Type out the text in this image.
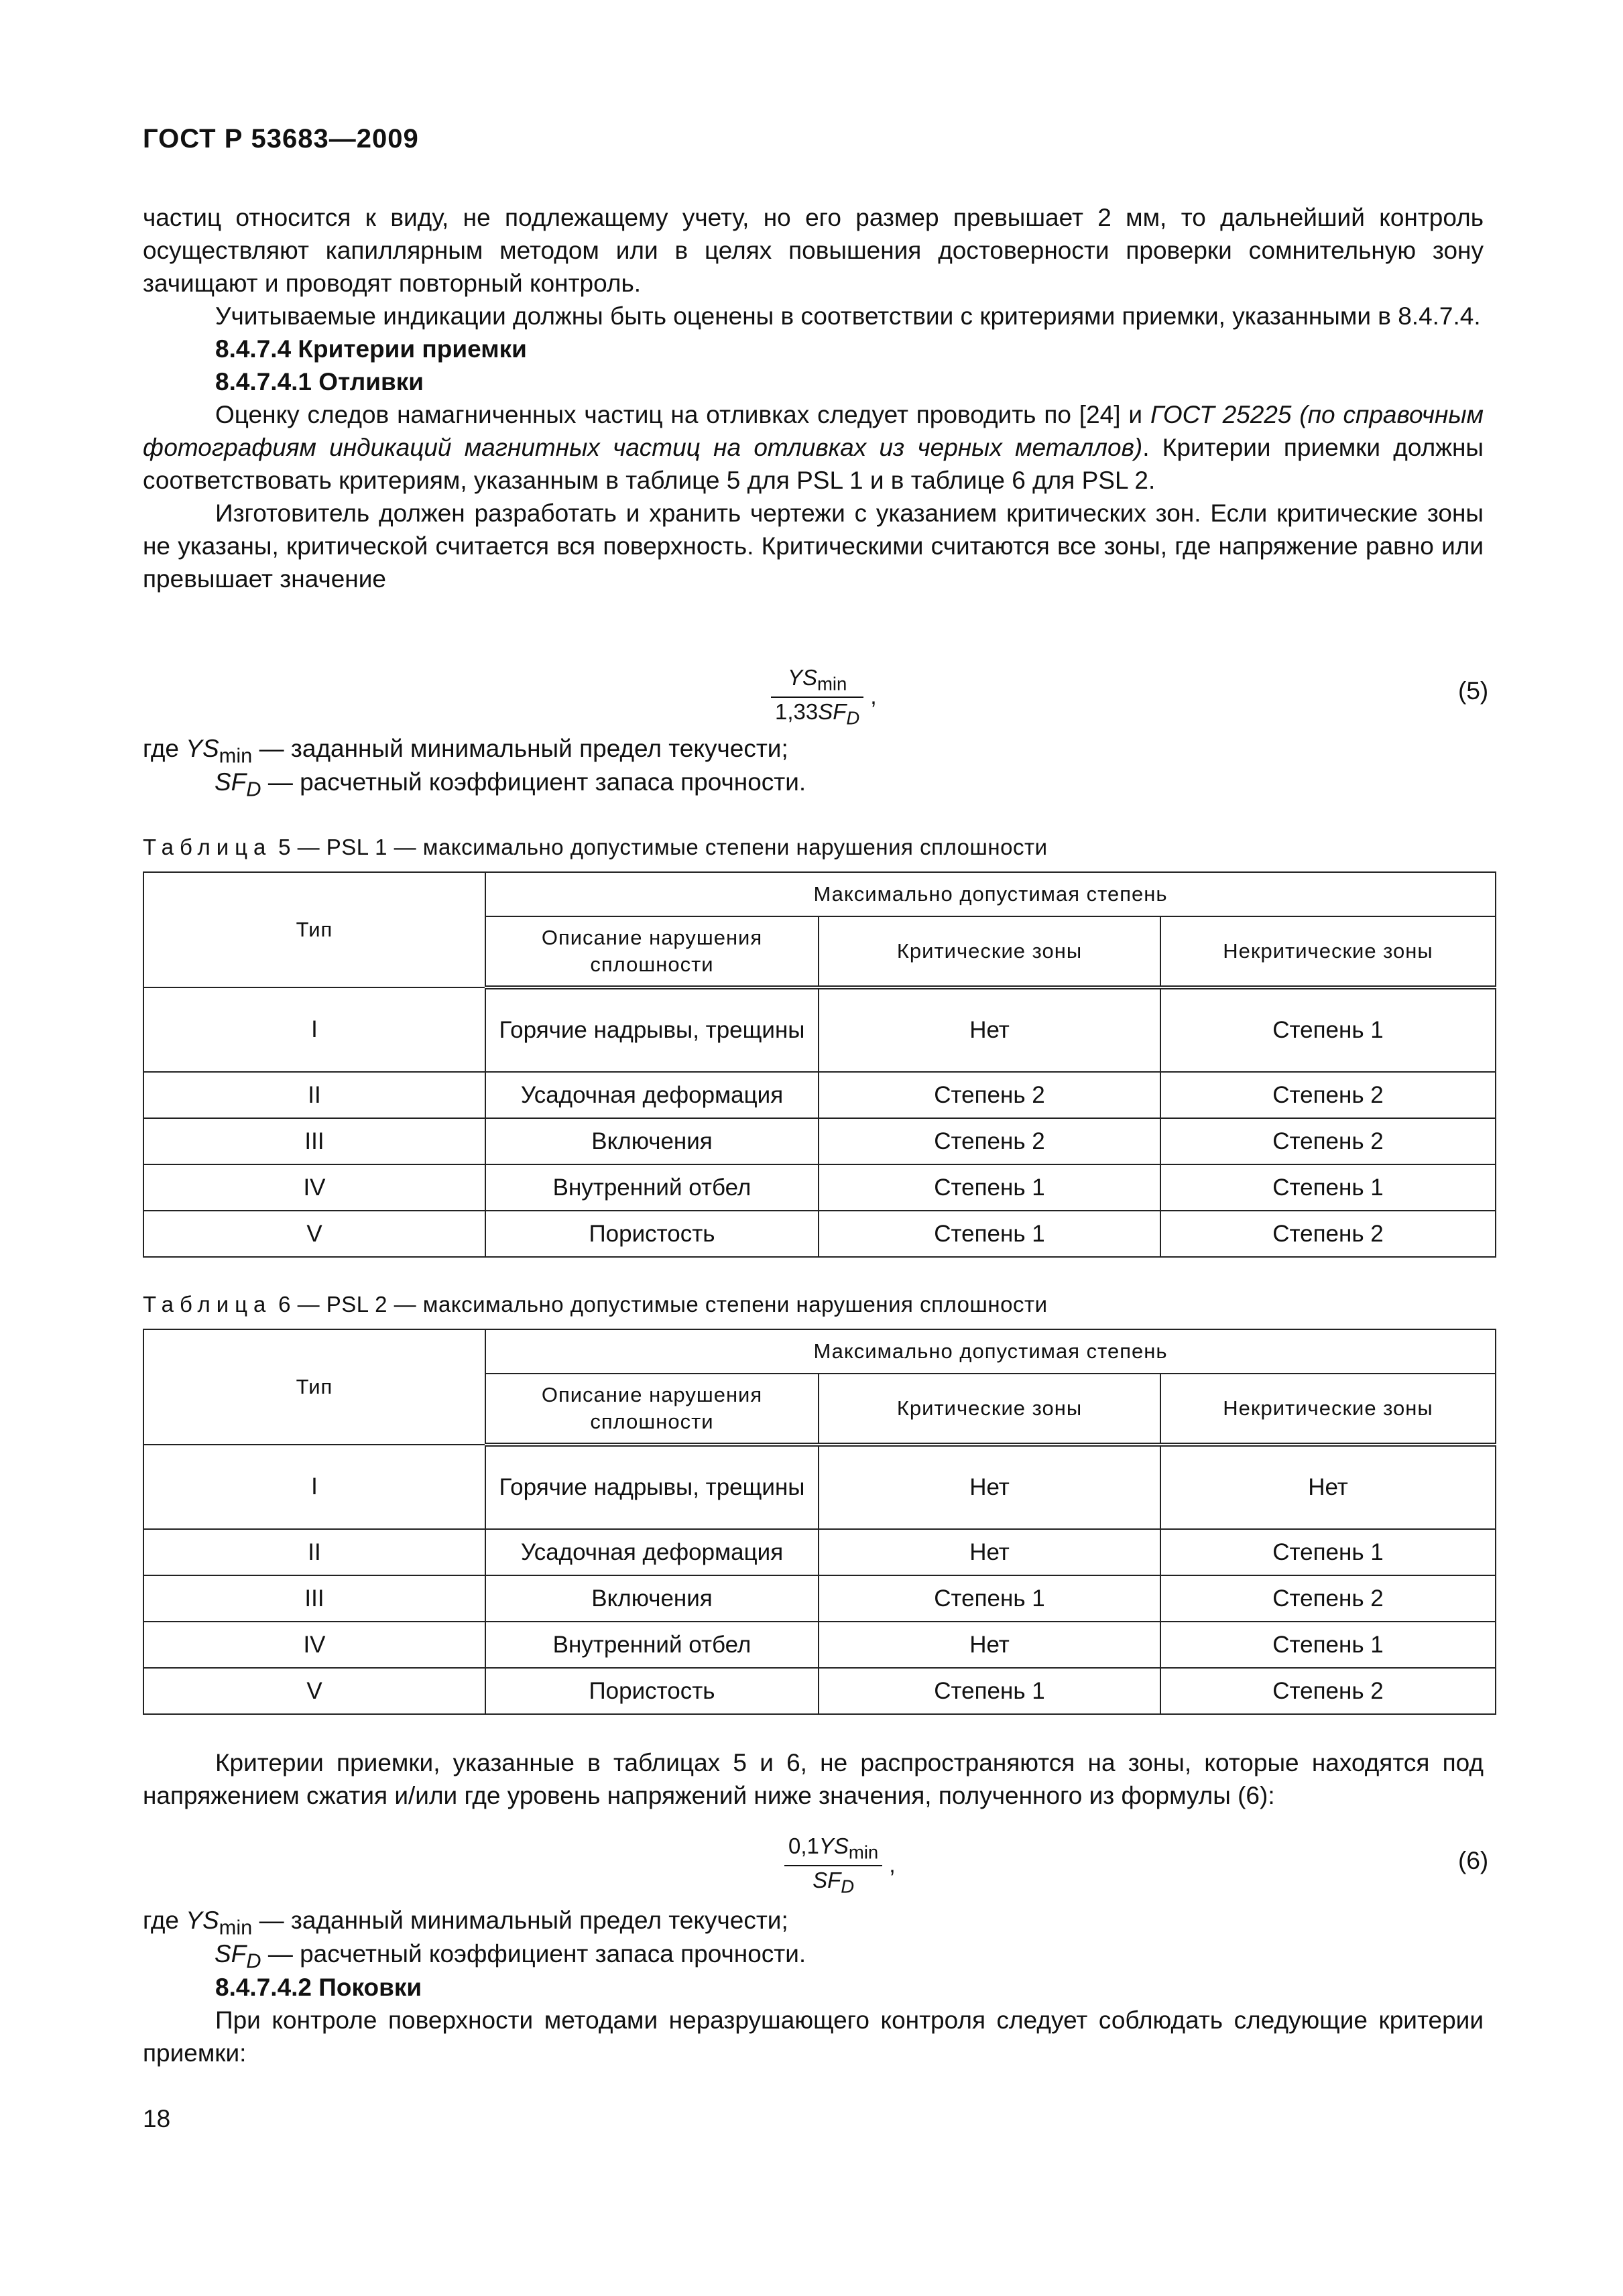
ГОСТ Р 53683—2009

частиц относится к виду, не подлежащему учету, но его размер превышает 2 мм, то дальнейший контроль осуществляют капиллярным методом или в целях повышения достоверности проверки сомнительную зону зачищают и проводят повторный контроль.

Учитываемые индикации должны быть оценены в соответствии с критериями приемки, указанными в 8.4.7.4.

8.4.7.4 Критерии приемки

8.4.7.4.1 Отливки

Оценку следов намагниченных частиц на отливках следует проводить по [24] и ГОСТ 25225 (по справочным фотографиям индикаций магнитных частиц на отливках из черных металлов). Критерии приемки должны соответствовать критериям, указанным в таблице 5 для PSL 1 и в таблице 6 для PSL 2.

Изготовитель должен разработать и хранить чертежи с указанием критических зон. Если критические зоны не указаны, критической считается вся поверхность. Критическими считаются все зоны, где напряжение равно или превышает значение

$\frac{YS_{min}}{1,33SF_D}$ ,	(5)
где $YS_{min}$ — заданный минимальный предел текучести;
$SF_D$ — расчетный коэффициент запаса прочности.
Таблица 5 — PSL 1 — максимально допустимые степени нарушения сплошности
Тип	Максимально допустимая степень		
	Описание нарушения сплошности	Критические зоны	Некритические зоны
I	Горячие надрывы, трещины	Нет	Степень 1
II	Усадочная деформация	Степень 2	Степень 2
III	Включения	Степень 2	Степень 2
IV	Внутренний отбел	Степень 1	Степень 1
V	Пористость	Степень 1	Степень 2
Таблица 6 — PSL 2 — максимально допустимые степени нарушения сплошности
Тип	Максимально допустимая степень		
	Описание нарушения сплошности	Критические зоны	Некритические зоны
I	Горячие надрывы, трещины	Нет	Нет
II	Усадочная деформация	Нет	Степень 1
III	Включения	Степень 1	Степень 2
IV	Внутренний отбел	Нет	Степень 1
V	Пористость	Степень 1	Степень 2
Критерии приемки, указанные в таблицах 5 и 6, не распространяются на зоны, которые находятся под напряжением сжатия и/или где уровень напряжений ниже значения, полученного из формулы (6):
$\frac{0,1YS_{min}}{SF_D}$ ,	(6)
где $YS_{min}$ — заданный минимальный предел текучести;
$SF_D$ — расчетный коэффициент запаса прочности.

8.4.7.4.2 Поковки

При контроле поверхности методами неразрушающего контроля следует соблюдать следующие критерии приемки:

18
